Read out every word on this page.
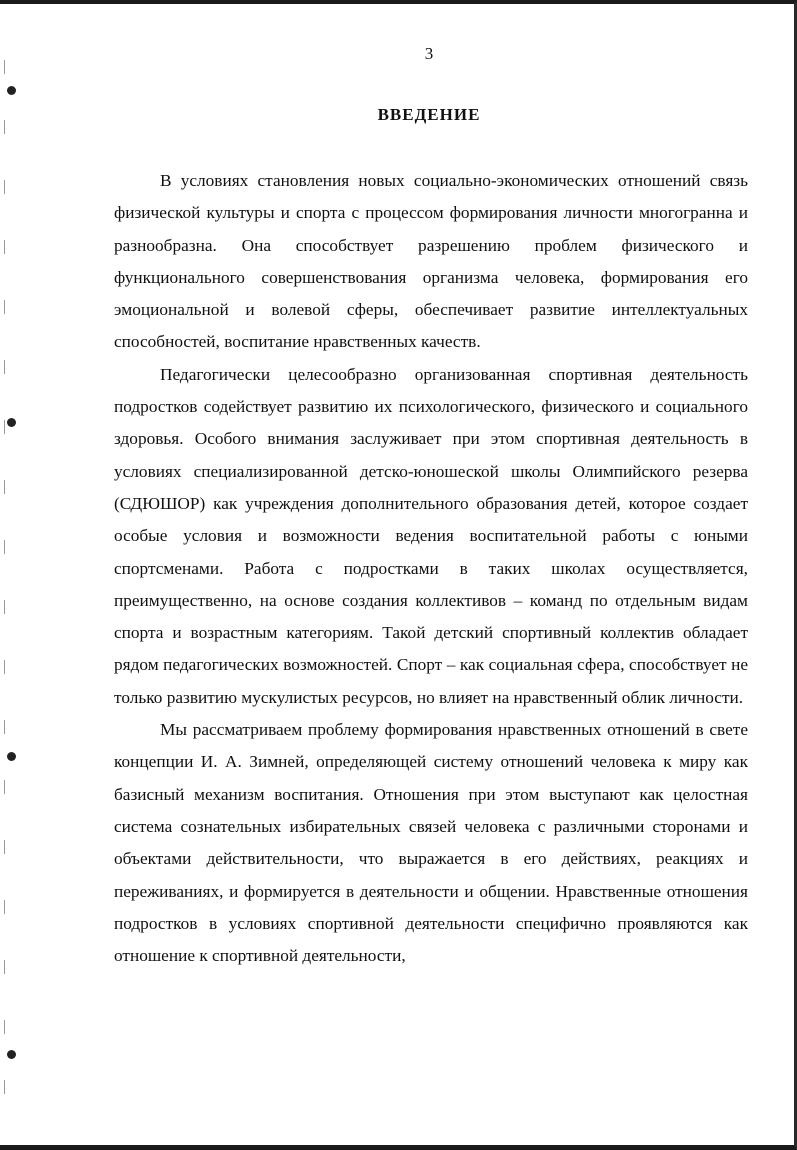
3
ВВЕДЕНИЕ

В условиях становления новых социально-экономических отношений связь физической культуры и спорта с процессом формирования личности многогранна и разнообразна. Она способствует разрешению проблем физического и функционального совершенствования организма человека, формирования его эмоциональной и волевой сферы, обеспечивает развитие интеллектуальных способностей, воспитание нравственных качеств.

Педагогически целесообразно организованная спортивная деятельность подростков содействует развитию их психологического, физического и социального здоровья. Особого внимания заслуживает при этом спортивная деятельность в условиях специализированной детско-юношеской школы Олимпийского резерва (СДЮШОР) как учреждения дополнительного образования детей, которое создает особые условия и возможности ведения воспитательной работы с юными спортсменами. Работа с подростками в таких школах осуществляется, преимущественно, на основе создания коллективов – команд по отдельным видам спорта и возрастным категориям. Такой детский спортивный коллектив обладает рядом педагогических возможностей. Спорт – как социальная сфера, способствует не только развитию мускулистых ресурсов, но влияет на нравственный облик личности.

Мы рассматриваем проблему формирования нравственных отношений в свете концепции И. А. Зимней, определяющей систему отношений человека к миру как базисный механизм воспитания. Отношения при этом выступают как целостная система сознательных избирательных связей человека с различными сторонами и объектами действительности, что выражается в его действиях, реакциях и переживаниях, и формируется в деятельности и общении. Нравственные отношения подростков в условиях спортивной деятельности специфично проявляются как отношение к спортивной деятельности,
